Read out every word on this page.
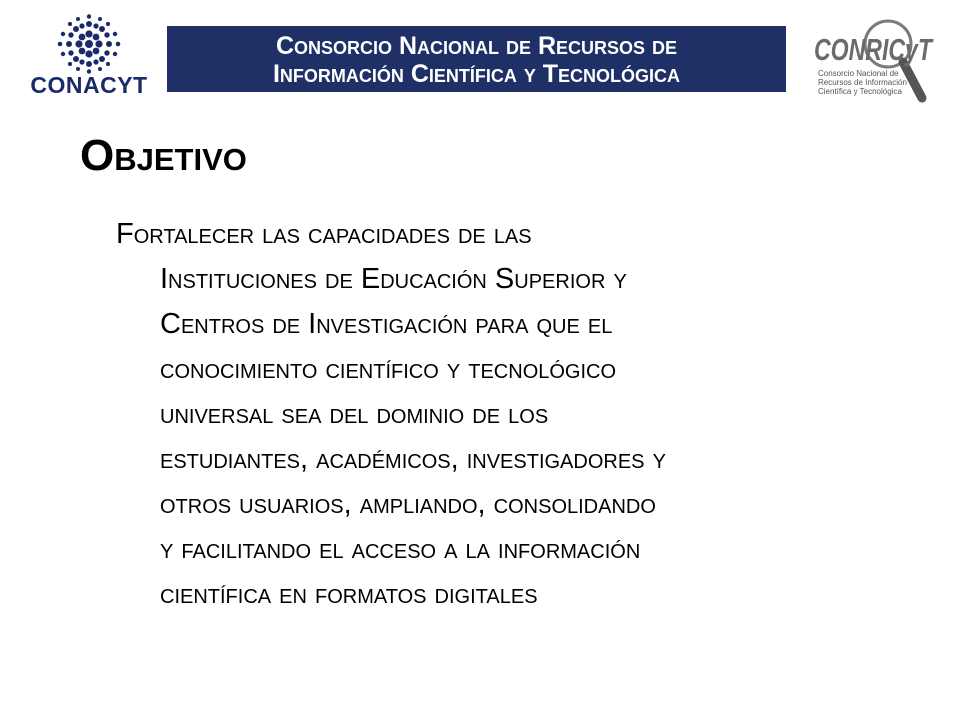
CONACYT
Consorcio Nacional de Recursos de
Información Científica y Tecnológica
CONRICyT
Consorcio Nacional de
Recursos de Información
Científica y Tecnológica
Objetivo
Fortalecer las capacidades de las
Instituciones de Educación Superior y
Centros de Investigación para que el
conocimiento científico y tecnológico
universal sea del dominio de los
estudiantes, académicos, investigadores y
otros usuarios, ampliando, consolidando
y facilitando el acceso a la información
científica en formatos digitales
